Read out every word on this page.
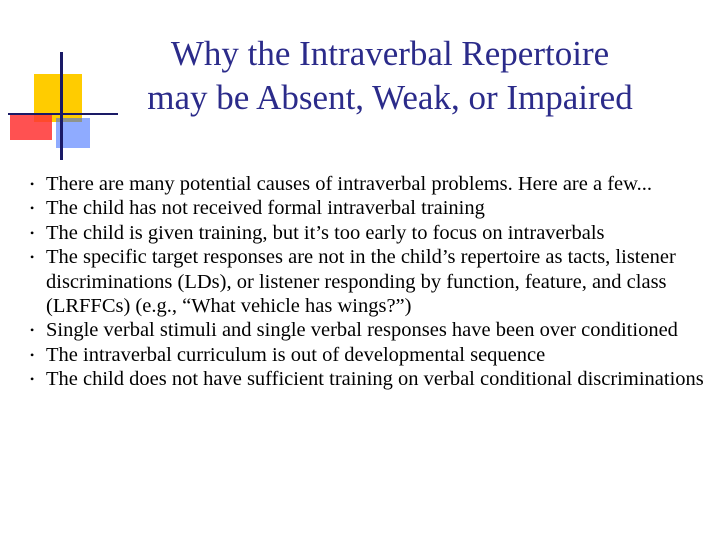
Why the Intraverbal Repertoire
may be Absent, Weak, or Impaired
• There are many potential causes of intraverbal problems. Here are a few...
• The child has not received formal intraverbal training
• The child is given training, but it’s too early to focus on intraverbals
• The specific target responses are not in the child’s repertoire as tacts, listener discriminations (LDs), or listener responding by function, feature, and class (LRFFCs) (e.g., “What vehicle has wings?”)
• Single verbal stimuli and single verbal responses have been over conditioned
• The intraverbal curriculum is out of developmental sequence
• The child does not have sufficient training on verbal conditional discriminations
